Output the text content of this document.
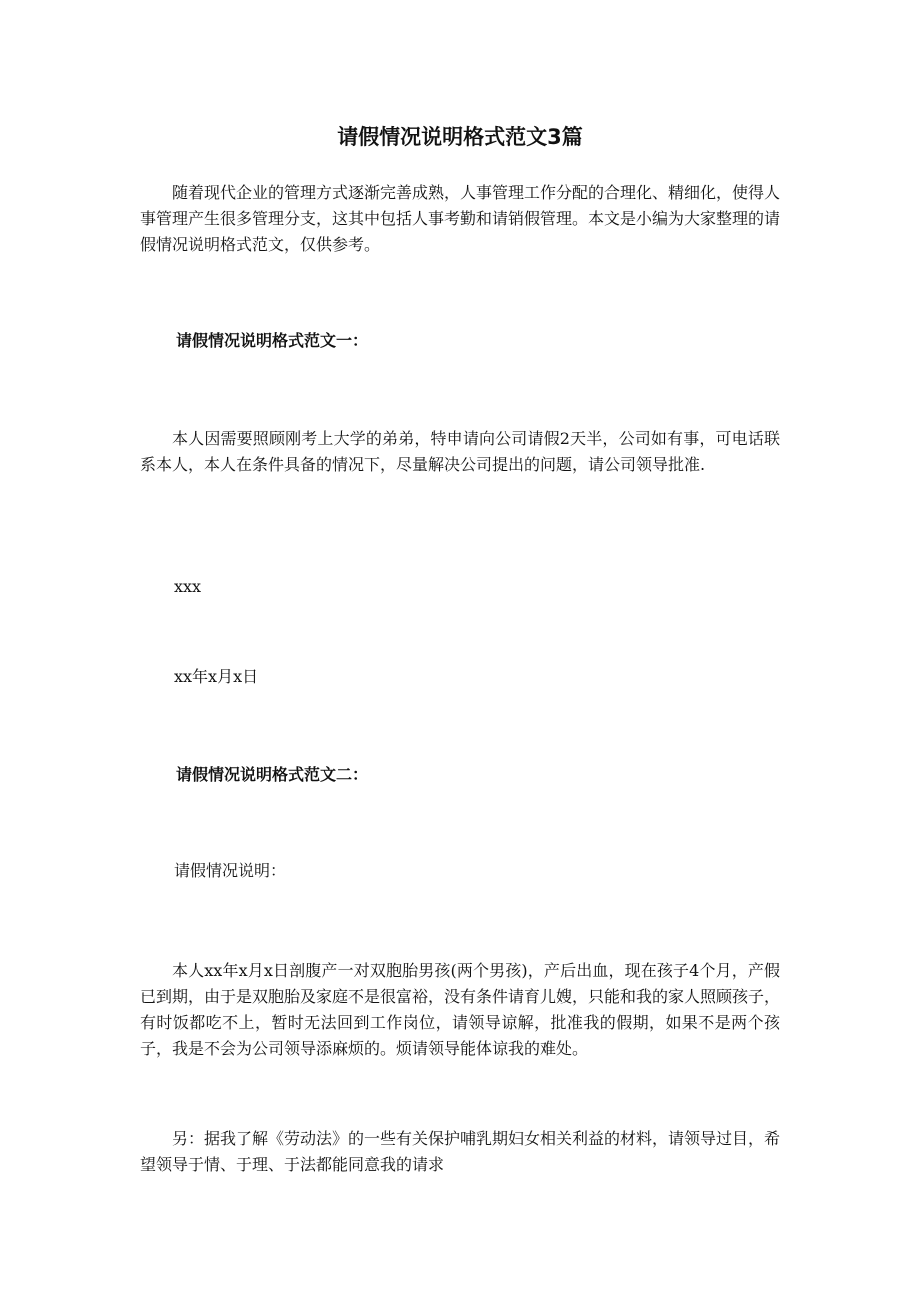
请假情况说明格式范文3篇

随着现代企业的管理方式逐渐完善成熟，人事管理工作分配的合理化、精细化，使得人事管理产生很多管理分支，这其中包括人事考勤和请销假管理。本文是小编为大家整理的请假情况说明格式范文，仅供参考。

请假情况说明格式范文一：

本人因需要照顾刚考上大学的弟弟，特申请向公司请假2天半，公司如有事，可电话联系本人，本人在条件具备的情况下，尽量解决公司提出的问题，请公司领导批准.

xxx
xx年x月x日
请假情况说明格式范文二：
请假情况说明：

本人xx年x月x日剖腹产一对双胞胎男孩(两个男孩)，产后出血，现在孩子4个月，产假已到期，由于是双胞胎及家庭不是很富裕，没有条件请育儿嫂，只能和我的家人照顾孩子，有时饭都吃不上，暂时无法回到工作岗位，请领导谅解，批准我的假期，如果不是两个孩子，我是不会为公司领导添麻烦的。烦请领导能体谅我的难处。

另：据我了解《劳动法》的一些有关保护哺乳期妇女相关利益的材料，请领导过目，希望领导于情、于理、于法都能同意我的请求
